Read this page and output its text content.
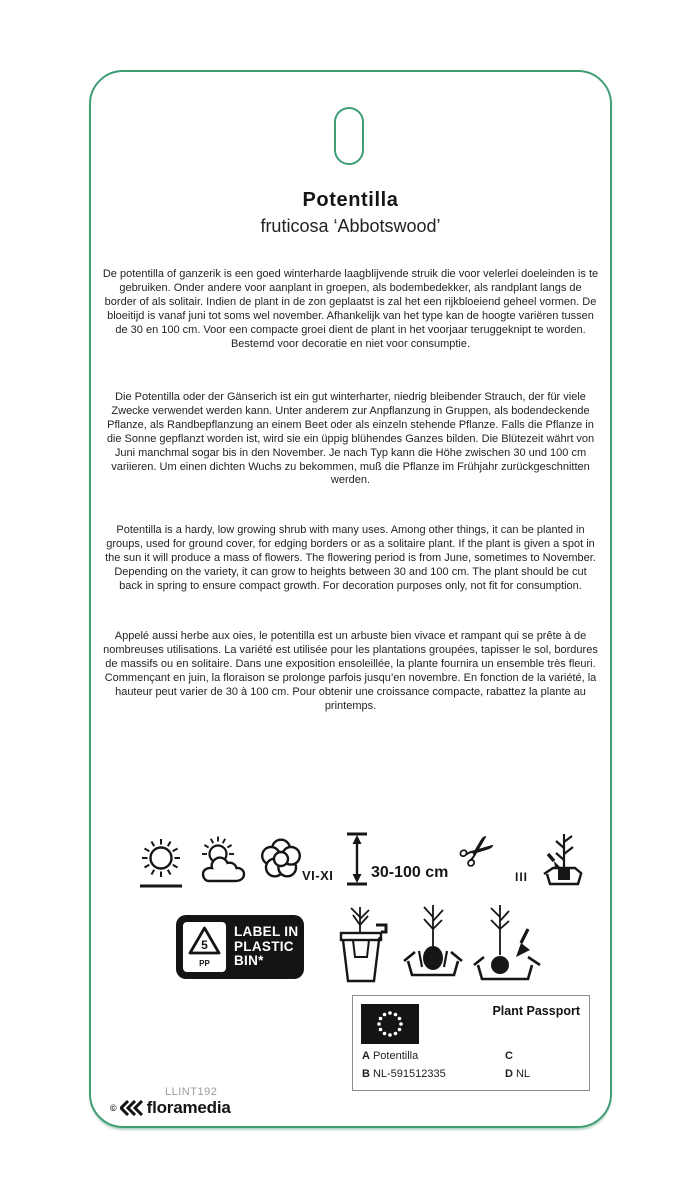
Potentilla
fruticosa ‘Abbotswood’
De potentilla of ganzerik is een goed winterharde laagblijvende struik die voor velerlei doeleinden is te gebruiken. Onder andere voor aanplant in groepen, als bodembedekker, als randplant langs de border of als solitair. Indien de plant in de zon geplaatst is zal het een rijkbloeiend geheel vormen. De bloeitijd is vanaf juni tot soms wel november. Afhankelijk van het type kan de hoogte variëren tussen de 30 en 100 cm. Voor een compacte groei dient de plant in het voorjaar teruggeknipt te worden. Bestemd voor decoratie en niet voor consumptie.
Die Potentilla oder der Gänserich ist ein gut winterharter, niedrig bleibender Strauch, der für viele Zwecke verwendet werden kann. Unter anderem zur Anpflanzung in Gruppen, als bodendeckende Pflanze, als Randbepflanzung an einem Beet oder als einzeln stehende Pflanze. Falls die Pflanze in die Sonne gepflanzt worden ist, wird sie ein üppig blühendes Ganzes bilden. Die Blütezeit währt von Juni manchmal sogar bis in den November. Je nach Typ kann die Höhe zwischen 30 und 100 cm variieren. Um einen dichten Wuchs zu bekommen, muß die Pflanze im Frühjahr zurückgeschnitten werden.
Potentilla is a hardy, low growing shrub with many uses. Among other things, it can be planted in groups, used for ground cover, for edging borders or as a solitaire plant. If the plant is given a spot in the sun it will produce a mass of flowers. The flowering period is from June, sometimes to November. Depending on the variety, it can grow to heights between 30 and 100 cm. The plant should be cut back in spring to ensure compact growth. For decoration purposes only, not fit for consumption.
Appelé aussi herbe aux oies, le potentilla est un arbuste bien vivace et rampant qui se prête à de nombreuses utilisations. La variété est utilisée pour les plantations groupées, tapisser le sol, bordures de massifs ou en solitaire. Dans une exposition ensoleillée, la plante fournira un ensemble très fleuri. Commençant en juin, la floraison se prolonge parfois jusqu’en novembre. En fonction de la variété, la hauteur peut varier de 30 à 100 cm. Pour obtenir une croissance compacte, rabattez la plante au printemps.
VI-XI 30-100 cm ✂ III
5
PP
LABEL IN
PLASTIC
BIN*
Plant Passport
A Potentilla
B NL-591512335
C
D NL
LLINT192
© floramedia
